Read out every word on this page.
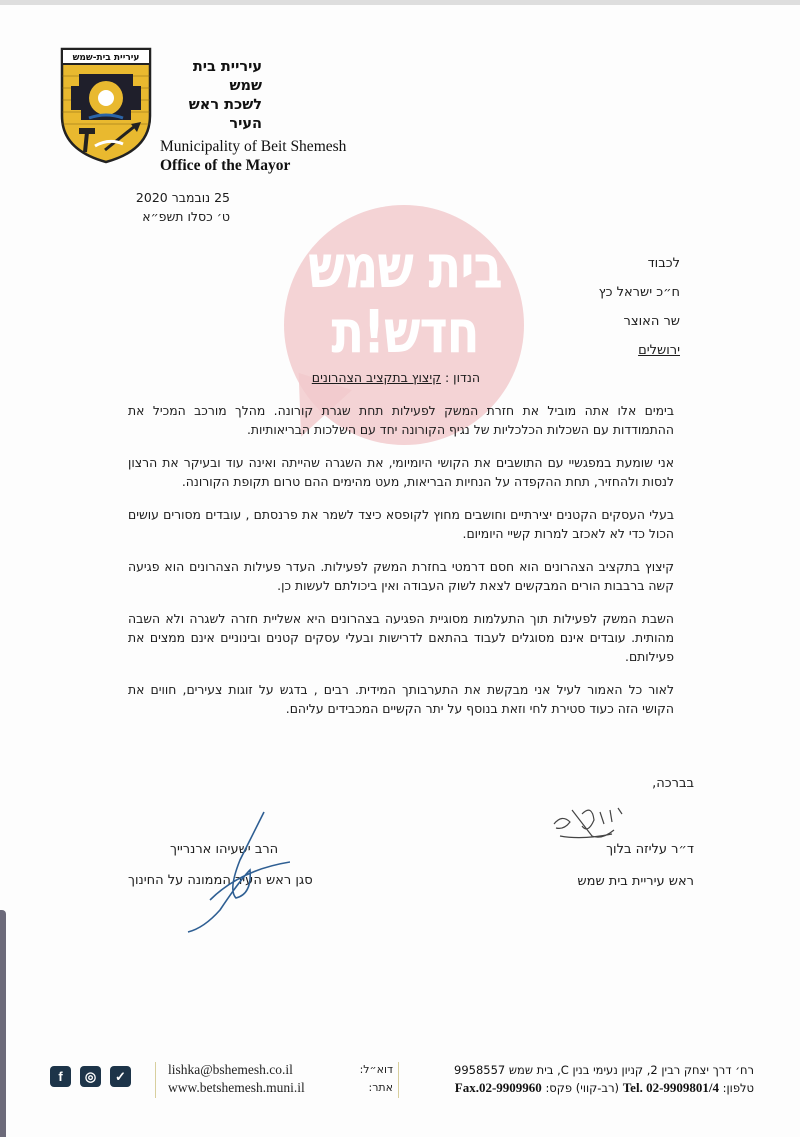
עיריית בית-שמש
עיריית בית שמש
לשכת ראש העיר
Municipality of Beit Shemesh
Office of the Mayor
בית שמש
חדש!ת
25 נובמבר 2020
ט׳ כסלו תשפ״א
לכבוד
ח״כ ישראל כץ
שר האוצר
ירושלים
הנדון : קיצוץ בתקציב הצהרונים

בימים אלו אתה מוביל את חזרת המשק לפעילות תחת שגרת קורונה. מהלך מורכב המכיל את ההתמודדות עם השכלות הכלכליות של נגיף הקורונה יחד עם השלכות הבריאותיות.

אני שומעת במפגשיי עם התושבים את הקושי היומיומי, את השגרה שהייתה ואינה עוד ובעיקר את הרצון לנסות ולהחזיר, תחת ההקפדה על הנחיות הבריאות, מעט מהימים ההם טרום תקופת הקורונה.

בעלי העסקים הקטנים יצירתיים וחושבים מחוץ לקופסא כיצד לשמר את פרנסתם , עובדים מסורים עושים הכול כדי לא לאכזב למרות קשיי היומיום.

קיצוץ בתקציב הצהרונים הוא חסם דרמטי בחזרת המשק לפעילות. העדר פעילות הצהרונים הוא פגיעה קשה ברבבות הורים המבקשים לצאת לשוק העבודה ואין ביכולתם לעשות כן.

השבת המשק לפעילות תוך התעלמות מסוגיית הפגיעה בצהרונים היא אשליית חזרה לשגרה ולא השבה מהותית. עובדים אינם מסוגלים לעבוד בהתאם לדרישות ובעלי עסקים קטנים ובינוניים אינם ממצים את פעילותם.

לאור כל האמור לעיל אני מבקשת את התערבותך המידית. רבים , בדגש על זוגות צעירים, חווים את הקושי הזה כעוד סטירת לחי וזאת בנוסף על יתר הקשיים המכבידים עליהם.

בברכה,
ד״ר עליזה בלוך
ראש עיריית בית שמש
הרב ישעיהו ארנרייך
סגן ראש העיר הממונה על החינוך
f	◎	✓	lishka@bshemesh.co.il	דוא״ל:
www.betshemesh.muni.il	אתר:
רח׳ דרך יצחק רבין 2, קניון נעימי בנין C, בית שמש 9958557
טלפון: Tel. 02-9909801/4 (רב-קווי) פקס: Fax.02-9909960
